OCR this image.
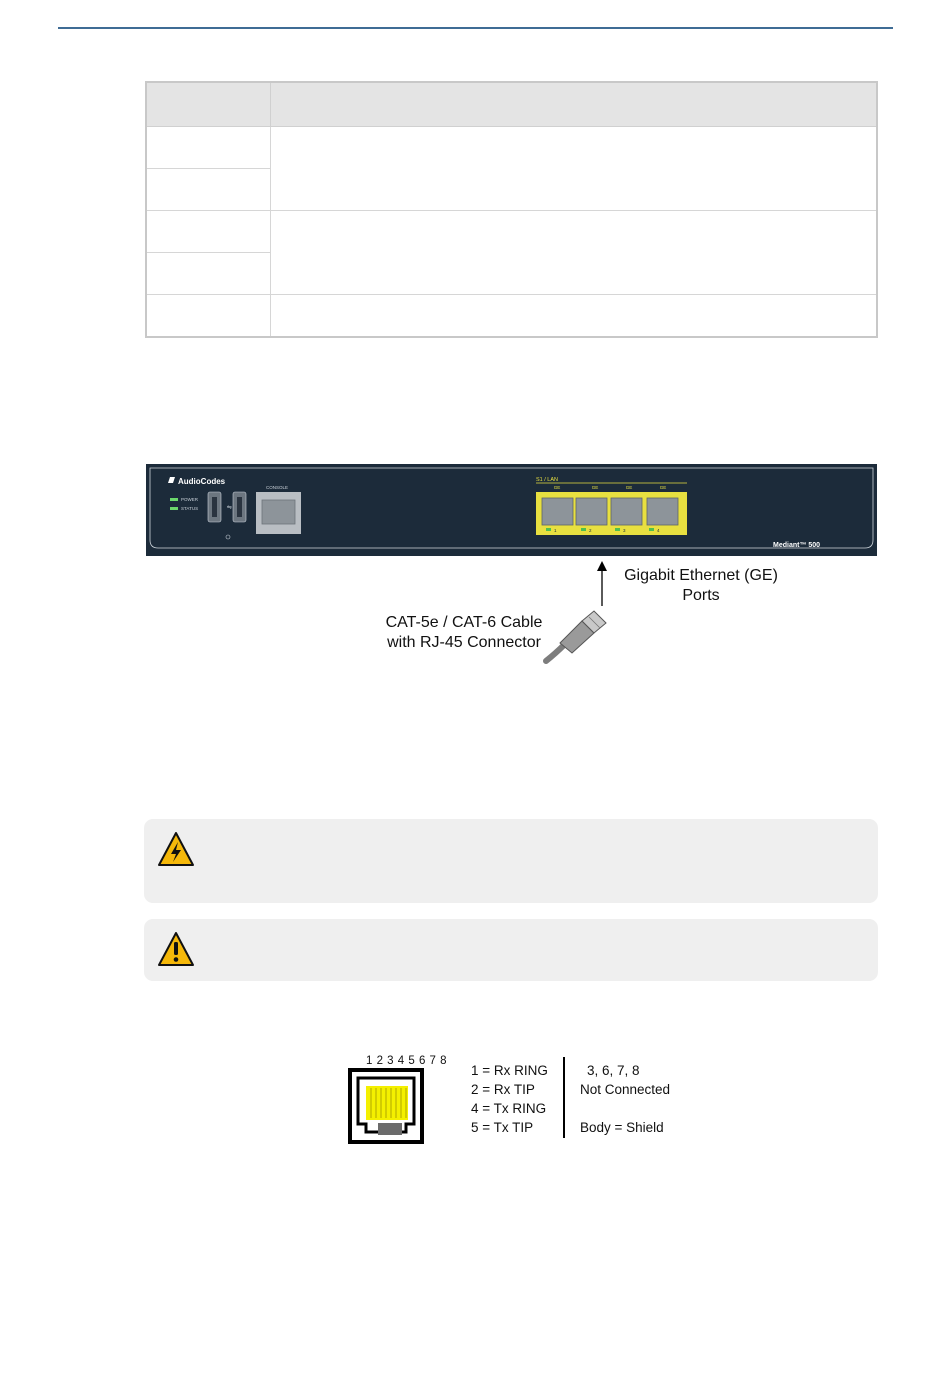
AudioCodes
POWER
STATUS	⇋
CONSOLE
S1 / LAN
GE	GE	GE	GE
1	2	3	4
Mediant™ 500
Gigabit Ethernet (GE)
Ports
CAT-5e / CAT-6 Cable
with RJ-45 Connector
1 2 3 4 5 6 7 8
1 = Rx RING
2 = Rx TIP
4 = Tx RING
5 = Tx TIP
3, 6, 7, 8
Not Connected
Body = Shield
